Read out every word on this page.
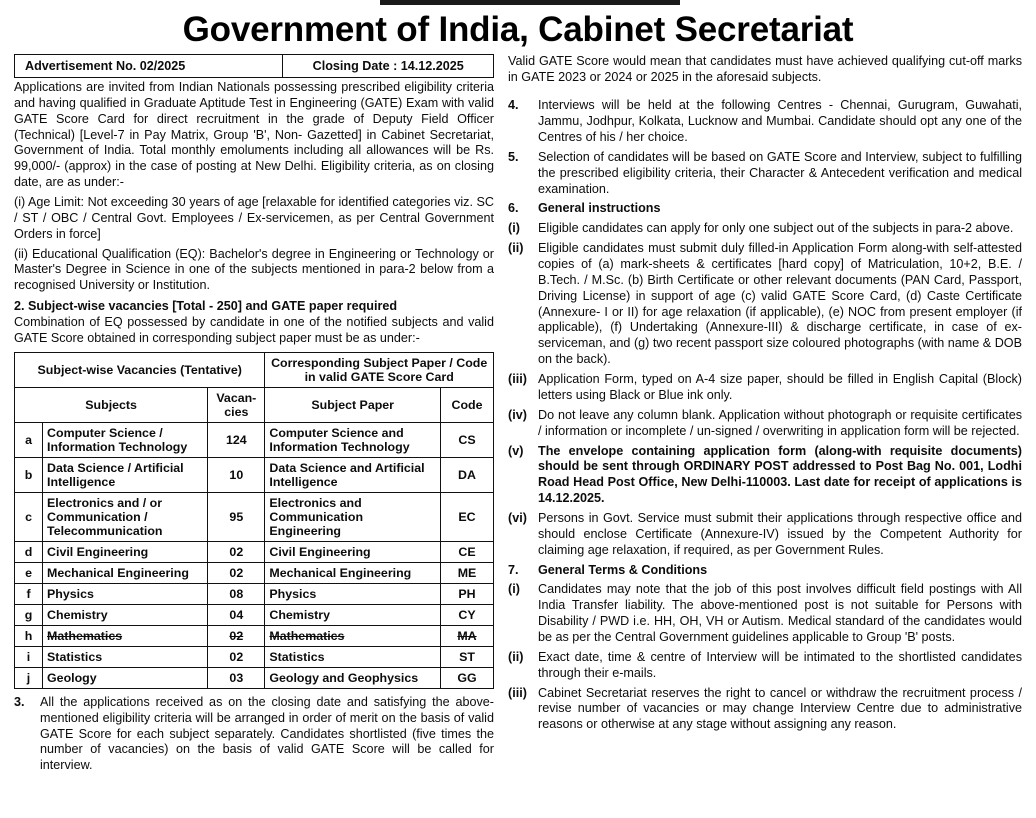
Government of India, Cabinet Secretariat
Advertisement No. 02/2025	Closing Date : 14.12.2025

Applications are invited from Indian Nationals possessing prescribed eligibility criteria and having qualified in Graduate Aptitude Test in Engineering (GATE) Exam with valid GATE Score Card for direct recruitment in the grade of Deputy Field Officer (Technical) [Level-7 in Pay Matrix, Group 'B', Non- Gazetted] in Cabinet Secretariat, Government of India. Total monthly emoluments including all allowances will be Rs. 99,000/- (approx) in the case of posting at New Delhi. Eligibility criteria, as on closing date, are as under:-

(i) Age Limit: Not exceeding 30 years of age [relaxable for identified categories viz. SC / ST / OBC / Central Govt. Employees / Ex-servicemen, as per Central Government Orders in force]

(ii) Educational Qualification (EQ): Bachelor's degree in Engineering or Technology or Master's Degree in Science in one of the subjects mentioned in para-2 below from a recognised University or Institution.

2. Subject-wise vacancies [Total - 250] and GATE paper required

Combination of EQ possessed by candidate in one of the notified subjects and valid GATE Score obtained in corresponding subject paper must be as under:-

Subject-wise Vacancies (Tentative)			Corresponding Subject Paper / Code in valid GATE Score Card	
Subjects		Vacan-cies	Subject Paper	Code
a	Computer Science / Information Technology	124	Computer Science and Information Technology	CS
b	Data Science / Artificial Intelligence	10	Data Science and Artificial Intelligence	DA
c	Electronics and / or Communication / Telecommunication	95	Electronics and Communication Engineering	EC
d	Civil Engineering	02	Civil Engineering	CE
e	Mechanical Engineering	02	Mechanical Engineering	ME
f	Physics	08	Physics	PH
g	Chemistry	04	Chemistry	CY
h	Mathematics	02	Mathematics	MA
i	Statistics	02	Statistics	ST
j	Geology	03	Geology and Geophysics	GG
3.	All the applications received as on the closing date and satisfying the above-mentioned eligibility criteria will be arranged in order of merit on the basis of valid GATE Score for each subject separately. Candidates shortlisted (five times the number of vacancies) on the basis of valid GATE Score will be called for interview.

Valid GATE Score would mean that candidates must have achieved qualifying cut-off marks in GATE 2023 or 2024 or 2025 in the aforesaid subjects.

4.	Interviews will be held at the following Centres - Chennai, Gurugram, Guwahati, Jammu, Jodhpur, Kolkata, Lucknow and Mumbai. Candidate should opt any one of the Centres of his / her choice.
5.	Selection of candidates will be based on GATE Score and Interview, subject to fulfilling the prescribed eligibility criteria, their Character & Antecedent verification and medical examination.
6.	General instructions
(i)	Eligible candidates can apply for only one subject out of the subjects in para-2 above.
(ii)	Eligible candidates must submit duly filled-in Application Form along-with self-attested copies of (a) mark-sheets & certificates [hard copy] of Matriculation, 10+2, B.E. / B.Tech. / M.Sc. (b) Birth Certificate or other relevant documents (PAN Card, Passport, Driving License) in support of age (c) valid GATE Score Card, (d) Caste Certificate (Annexure- I or II) for age relaxation (if applicable), (e) NOC from present employer (if applicable), (f) Undertaking (Annexure-III) & discharge certificate, in case of ex-serviceman, and (g) two recent passport size coloured photographs (with name & DOB on the back).
(iii) Application Form, typed on A-4 size paper, should be filled in English Capital (Block) letters using Black or Blue ink only.
(iv) Do not leave any column blank. Application without photograph or requisite certificates / information or incomplete / un-signed / overwriting in application form will be rejected.
(v)	The envelope containing application form (along-with requisite documents) should be sent through ORDINARY POST addressed to Post Bag No. 001, Lodhi Road Head Post Office, New Delhi-110003. Last date for receipt of applications is 14.12.2025.
(vi) Persons in Govt. Service must submit their applications through respective office and should enclose Certificate (Annexure-IV) issued by the Competent Authority for claiming age relaxation, if required, as per Government Rules.
7.	General Terms & Conditions
(i)	Candidates may note that the job of this post involves difficult field postings with All India Transfer liability. The above-mentioned post is not suitable for Persons with Disability / PWD i.e. HH, OH, VH or Autism. Medical standard of the candidates would be as per the Central Government guidelines applicable to Group 'B' posts.
(ii)	Exact date, time & centre of Interview will be intimated to the shortlisted candidates through their e-mails.
(iii) Cabinet Secretariat reserves the right to cancel or withdraw the recruitment process / revise number of vacancies or may change Interview Centre due to administrative reasons or otherwise at any stage without assigning any reason.
